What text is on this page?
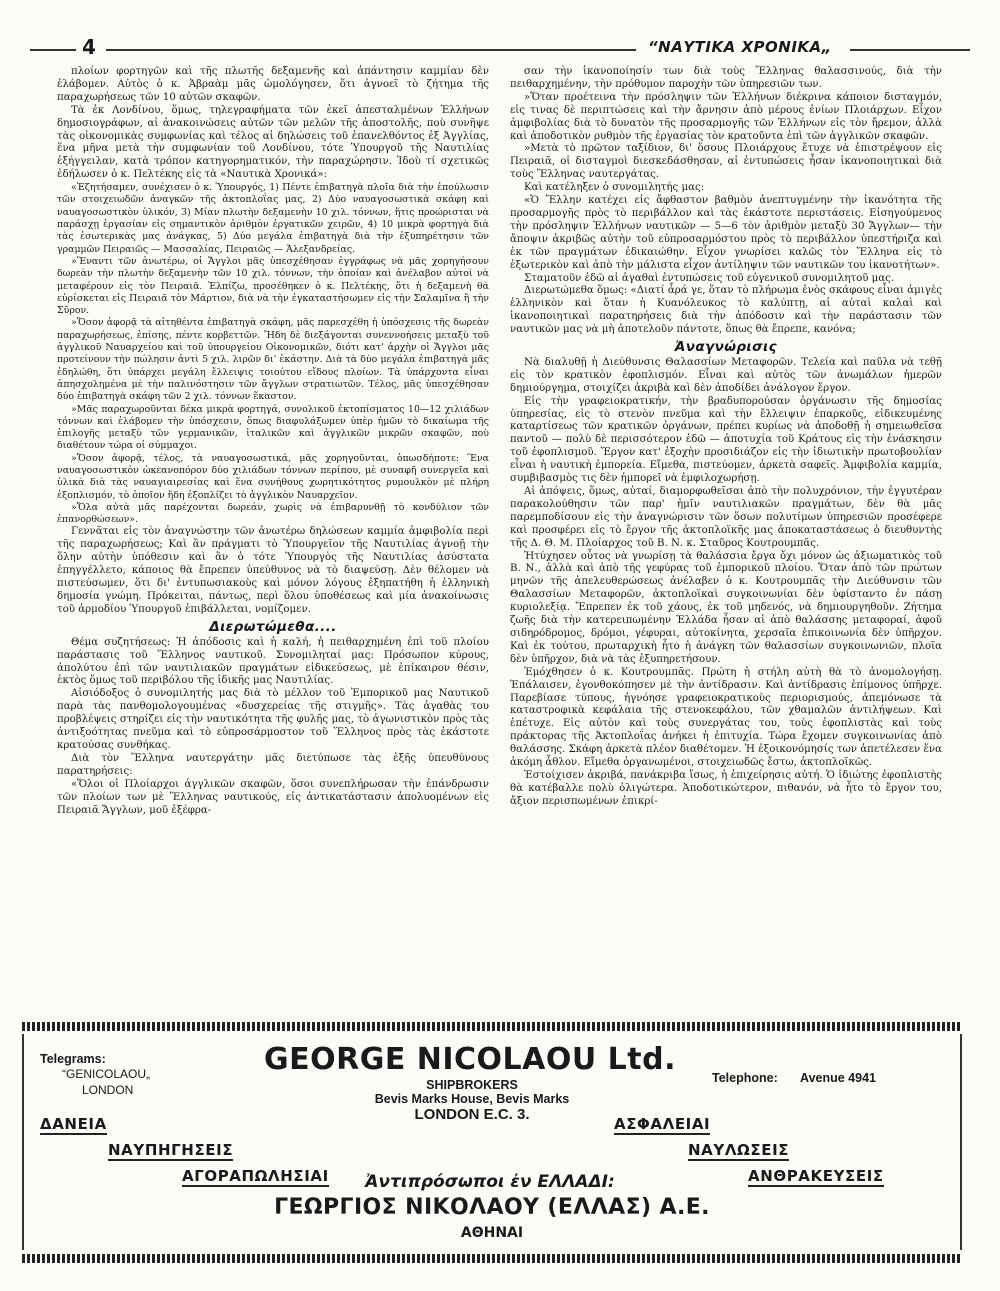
4	“ΝΑΥΤΙΚΑ ΧΡΟΝΙΚΑ„

πλοίων φορτηγῶν καὶ τῆς πλωτῆς δεξαμενῆς καὶ ἀπάντησιν καμμίαν δὲν ἐλάβομεν. Αὐτὸς ὁ κ. Ἀβραὰμ μᾶς ὡμολόγησεν, ὅτι ἀγνοεῖ τὸ ζήτημα τῆς παραχωρήσεως τῶν 10 αὐτῶν σκαφῶν.

Τὰ ἐκ Λονδίνου, ὅμως, τηλεγραφήματα τῶν ἐκεῖ ἀπεσταλμένων Ἑλλήνων δημοσιογράφων, αἱ ἀνακοινώσεις αὐτῶν τῶν μελῶν τῆς ἀποστολῆς, ποὺ συνῆψε τὰς οἰκονομικὰς συμφωνίας καὶ τέλος αἱ δηλώσεις τοῦ ἐπανελθόντος ἐξ Ἀγγλίας, ἕνα μῆνα μετὰ τὴν συμφωνίαν τοῦ Λονδίνου, τότε Ὑπουργοῦ τῆς Ναυτιλίας ἐξήγγειλαν, κατὰ τρόπον κατηγορηματικόν, τὴν παραχώρησιν. Ἰδοὺ τί σχετικῶς ἐδήλωσεν ὁ κ. Πελτέκης εἰς τὰ «Ναυτικὰ Χρονικά»:

«Ἐζητήσαμεν, συνέχισεν ὁ κ. Ὑπουργός, 1) Πέντε ἐπιβατηγὰ πλοῖα διὰ τὴν ἐπούλωσιν τῶν στοιχειωδῶν ἀναγκῶν τῆς ἀκτοπλοΐας μας, 2) Δύο ναυαγοσωστικὰ σκάφη καὶ ναυαγοσωστικὸν ὑλικόν, 3) Μίαν πλωτὴν δεξαμενὴν 10 χιλ. τόννων, ἥτις προώρισται νὰ παράσχῃ ἐργασίαν εἰς σημαντικὸν ἀριθμὸν ἐργατικῶν χειρῶν, 4) 10 μικρὰ φορτηγὰ διὰ τὰς ἐσωτερικὰς μας ἀνάγκας, 5) Δύο μεγάλα ἐπιβατηγὰ διὰ τὴν ἐξυπηρέτησιν τῶν γραμμῶν Πειραιῶς — Μασσαλίας, Πειραιῶς — Ἀλεξανδρείας.

»Ἔναντι τῶν ἀνωτέρω, οἱ Ἄγγλοι μᾶς ὑπεσχέθησαν ἐγγράφως νὰ μᾶς χορηγήσουν δωρεὰν τὴν πλωτὴν δεξαμενὴν τῶν 10 χιλ. τόννων, τὴν ὁποίαν καὶ ἀνέλαβον αὐτοὶ νὰ μεταφέρουν εἰς τὸν Πειραιᾶ. Ἐλπίζω, προσέθηκεν ὁ κ. Πελτέκης, ὅτι ἡ δεξαμενὴ θὰ εὑρίσκεται εἰς Πειραιᾶ τὸν Μάρτιον, διὰ νὰ τὴν ἐγκαταστήσωμεν εἰς τὴν Σαλαμῖνα ἢ τὴν Σῦρον.

»Ὅσον ἀφορᾷ τὰ αἰτηθέντα ἐπιβατηγὰ σκάφη, μᾶς παρεσχέθη ἡ ὑπόσχεσις τῆς δωρεὰν παραχωρήσεως, ἐπίσης, πέντε κορβεττῶν. Ἤδη δὲ διεξάγονται συνεννοήσεις μεταξὺ τοῦ ἀγγλικοῦ Ναυαρχείου καὶ τοῦ ὑπουργείου Οἰκονομικῶν, διότι κατ' ἀρχὴν οἱ Ἄγγλοι μᾶς προτείνουν τὴν πώλησιν ἀντὶ 5 χιλ. λιρῶν δι' ἑκάστην. Διὰ τὰ δύο μεγάλα ἐπιβατηγὰ μᾶς ἐδηλώθη, ὅτι ὑπάρχει μεγάλη ἔλλειψις τοιούτου εἴδους πλοίων. Τὰ ὑπάρχοντα εἶναι ἀπησχολημένα μὲ τὴν παλινόστησιν τῶν ἄγγλων στρατιωτῶν. Τέλος, μᾶς ὑπεσχέθησαν δύο ἐπιβατηγὰ σκάφη τῶν 2 χιλ. τόννων ἕκαστον.

»Μᾶς παραχωροῦνται δέκα μικρὰ φορτηγά, συνολικοῦ ἐκτοπίσματος 10—12 χιλιάδων τόννων καὶ ἐλάβομεν τὴν ὑπόσχεσιν, ὅπως διαφυλάξωμεν ὑπὲρ ἡμῶν τὸ δικαίωμα τῆς ἐπιλογῆς μεταξὺ τῶν γερμανικῶν, ἰταλικῶν καὶ ἀγγλικῶν μικρῶν σκαφῶν, ποὺ διαθέτουν τώρα οἱ σύμμαχοι.

»Ὅσον ἀφορᾷ, τέλος, τὰ ναυαγοσωστικά, μᾶς χορηγοῦνται, ὁπωσδήποτε: Ἕνα ναυαγοσωστικὸν ὠκεανοπόρον δύο χιλιάδων τόννων περίπου, μὲ συναφῆ συνεργεῖα καὶ ὑλικὰ διὰ τὰς ναυαγιαιρεσίας καὶ ἕνα συνήθους χωρητικότητος ρυμουλκὸν μὲ πλήρη ἐξοπλισμόν, τὸ ὁποῖον ἤδη ἐξοπλίζει τὸ ἀγγλικὸν Ναυαρχεῖον.

»Ὅλα αὐτὰ μᾶς παρέχονται δωρεάν, χωρὶς νὰ ἐπιβαρυνθῇ τὸ κονδύλιον τῶν ἐπανορθώσεων».

Γεννᾶται εἰς τὸν ἀναγνώστην τῶν ἀνωτέρω δηλώσεων καμμία ἀμφιβολία περὶ τῆς παραχωρήσεως; Καὶ ἂν πράγματι τὸ Ὑπουργεῖον τῆς Ναυτιλίας ἀγνοῇ τὴν ὅλην αὐτὴν ὑπόθεσιν καὶ ἂν ὁ τότε Ὑπουργὸς τῆς Ναυτιλίας ἀσύστατα ἐπηγγέλλετο, κάποιος θὰ ἔπρεπεν ὑπεύθυνος νὰ τὸ διαψεύσῃ. Δὲν θέλομεν νὰ πιστεύσωμεν, ὅτι δι' ἐντυπωσιακοὺς καὶ μόνον λόγους ἐξηπατήθη ἡ ἑλληνικὴ δημοσία γνώμη. Πρόκειται, πάντως, περὶ ὅλου ὑποθέσεως καὶ μία ἀνακοίνωσις τοῦ ἁρμοδίου Ὑπουργοῦ ἐπιβάλλεται, νομίζομεν.

Διερωτώμεθα....

Θέμα συζητήσεως: Ἡ ἀπόδοσις καὶ ἡ καλή, ἡ πειθαρχημένη ἐπὶ τοῦ πλοίου παράστασις τοῦ Ἕλληνος ναυτικοῦ. Συνομιληταί μας: Πρόσωπον κύρους, ἀπολύτου ἐπὶ τῶν ναυτιλιακῶν πραγμάτων εἰδικεύσεως, μὲ ἐπίκαιρον θέσιν, ἐκτὸς ὅμως τοῦ περιβόλου τῆς ἰδικῆς μας Ναυτιλίας.

Αἰσιόδοξος ὁ συνομιλητής μας διὰ τὸ μέλλον τοῦ Ἐμπορικοῦ μας Ναυτικοῦ παρὰ τὰς πανθομολογουμένας «δυσχερείας τῆς στιγμῆς». Τὰς ἀγαθὰς του προβλέψεις στηρίζει εἰς τὴν ναυτικότητα τῆς φυλῆς μας, τὸ ἀγωνιστικὸν πρὸς τὰς ἀντιξοότητας πνεῦμα καὶ τὸ εὐπροσάρμοστον τοῦ Ἕλληνος πρὸς τὰς ἑκάστοτε κρατούσας συνθήκας.

Διὰ τὸν Ἕλληνα ναυτεργάτην μᾶς διετύπωσε τὰς ἑξῆς ὑπευθύνους παρατηρήσεις:

«Ὅλοι οἱ Πλοίαρχοι ἀγγλικῶν σκαφῶν, ὅσοι συνεπλήρωσαν τὴν ἐπάνδρωσιν τῶν πλοίων των μὲ Ἕλληνας ναυτικούς, εἰς ἀντικατάστασιν ἀπολυομένων εἰς Πειραιᾶ Ἄγγλων, μοῦ ἐξέφρα-

σαν τὴν ἱκανοποίησίν των διὰ τοὺς Ἕλληνας θαλασσινούς, διὰ τὴν πειθαρχημένην, τὴν πρόθυμον παροχὴν τῶν ὑπηρεσιῶν των.

»Ὅταν προέτεινα τὴν πρόσληψιν τῶν Ἑλλήνων διέκρινα κάποιον δισταγμόν, εἰς τινας δὲ περιπτώσεις καὶ τὴν ἄρνησιν ἀπὸ μέρους ἐνίων Πλοιάρχων. Εἶχον ἀμφιβολίας διὰ τὸ δυνατὸν τῆς προσαρμογῆς τῶν Ἑλλήνων εἰς τὸν ἤρεμον, ἀλλὰ καὶ ἀποδοτικὸν ρυθμὸν τῆς ἐργασίας τὸν κρατοῦντα ἐπὶ τῶν ἀγγλικῶν σκαφῶν.

»Μετὰ τὸ πρῶτον ταξίδιον, δι' ὅσους Πλοιάρχους ἔτυχε νὰ ἐπιστρέψουν εἰς Πειραιᾶ, οἱ δισταγμοὶ διεσκεδάσθησαν, αἱ ἐντυπώσεις ἦσαν ἱκανοποιητικαὶ διὰ τοὺς Ἕλληνας ναυτεργάτας.

Καὶ κατέληξεν ὁ συνομιλητής μας:

«Ὁ Ἕλλην κατέχει εἰς ἄφθαστον βαθμὸν ἀνεπτυγμένην τὴν ἱκανότητα τῆς προσαρμογῆς πρὸς τὸ περιβάλλον καὶ τὰς ἑκάστοτε περιστάσεις. Εἰσηγούμενος τὴν πρόσληψιν Ἑλλήνων ναυτικῶν — 5—6 τὸν ἀριθμὸν μεταξὺ 30 Ἄγγλων— τὴν ἄποψιν ἀκριβῶς αὐτὴν τοῦ εὐπροσαρμόστου πρὸς τὸ περιβάλλον ὑπεστήριζα καὶ ἐκ τῶν πραγμάτων ἐδικαιώθην. Εἶχον γνωρίσει καλῶς τὸν Ἕλληνα εἰς τὸ ἐξωτερικὸν καὶ ἀπὸ τὴν μάλιστα εἶχον ἀντίληψιν τῶν ναυτικῶν του ἱκανοτήτων».

Σταματοῦν ἐδῶ αἱ ἀγαθαὶ ἐντυπώσεις τοῦ εὐγενικοῦ συνομιλητοῦ μας.

Διερωτώμεθα ὅμως: «Διατί ἆρά γε, ὅταν τὸ πλήρωμα ἑνὸς σκάφους εἶναι ἀμιγὲς ἑλληνικὸν καὶ ὅταν ἡ Κυανόλευκος τὸ καλύπτῃ, αἱ αὐταὶ καλαὶ καὶ ἱκανοποιητικαὶ παρατηρήσεις διὰ τὴν ἀπόδοσιν καὶ τὴν παράστασιν τῶν ναυτικῶν μας νὰ μὴ ἀποτελοῦν πάντοτε, ὅπως θὰ ἔπρεπε, κανόνα;

Ἀναγνώρισις

Νὰ διαλυθῇ ἡ Διεύθυνσις Θαλασσίων Μεταφορῶν. Τελεία καὶ παῦλα νὰ τεθῇ εἰς τὸν κρατικὸν ἐφοπλισμόν. Εἶναι καὶ αὐτὸς τῶν ἀνωμάλων ἡμερῶν δημιούργημα, στοιχίζει ἀκριβὰ καὶ δὲν ἀποδίδει ἀνάλογον ἔργον.

Εἰς τὴν γραφειοκρατικήν, τὴν βραδυπορούσαν ὀργάνωσιν τῆς δημοσίας ὑπηρεσίας, εἰς τὸ στενὸν πνεῦμα καὶ τὴν ἔλλειψιν ἐπαρκοῦς, εἰδικευμένης καταρτίσεως τῶν κρατικῶν ὀργάνων, πρέπει κυρίως νὰ ἀποδοθῇ ἡ σημειωθεῖσα παντοῦ — πολὺ δὲ περισσότερον ἐδῶ — ἀποτυχία τοῦ Κράτους εἰς τὴν ἐνάσκησιν τοῦ ἐφοπλισμοῦ. Ἔργον κατ' ἐξοχὴν προσιδιάζον εἰς τὴν ἰδιωτικὴν πρωτοβουλίαν εἶναι ἡ ναυτικὴ ἐμπορεία. Εἴμεθα, πιστεύομεν, ἀρκετὰ σαφεῖς. Ἀμφιβολία καμμία, συμβιβασμὸς τις δὲν ἠμπορεῖ νὰ ἐμφιλοχωρήσῃ.

Αἱ ἀπόψεις, ὅμως, αὐταί, διαμορφωθεῖσαι ἀπὸ τὴν πολυχρόνιον, τὴν ἐγγυτέραν παρακολούθησιν τῶν παρ' ἡμῖν ναυτιλιακῶν πραγμάτων, δὲν θὰ μᾶς παρεμποδίσουν εἰς τὴν ἀναγνώρισιν τῶν ὅσων πολυτίμων ὑπηρεσιῶν προσέφερε καὶ προσφέρει εἰς τὸ ἔργον τῆς ἀκτοπλοϊκῆς μας ἀποκαταστάσεως ὁ διευθυντὴς τῆς Δ. Θ. Μ. Πλοίαρχος τοῦ Β. Ν. κ. Σταῦρος Κουτρουμπᾶς.

Ἠτύχησεν οὗτος νὰ γνωρίσῃ τὰ θαλάσσια ἔργα ὄχι μόνον ὡς ἀξιωματικὸς τοῦ Β. Ν., ἀλλὰ καὶ ἀπὸ τῆς γεφύρας τοῦ ἐμπορικοῦ πλοίου. Ὅταν ἀπὸ τῶν πρώτων μηνῶν τῆς ἀπελευθερώσεως ἀνέλαβεν ὁ κ. Κουτρουμπᾶς τὴν Διεύθυνσιν τῶν Θαλασσίων Μεταφορῶν, ἀκτοπλοϊκαὶ συγκοινωνίαι δὲν ὑφίσταντο ἐν πάσῃ κυριολεξίᾳ. Ἔπρεπεν ἐκ τοῦ χάους, ἐκ τοῦ μηδενός, νὰ δημιουργηθοῦν. Ζήτημα ζωῆς διὰ τὴν κατερειπωμένην Ἑλλάδα ἦσαν αἱ ἀπὸ θαλάσσης μεταφοραί, ἀφοῦ σιδηρόδρομος, δρόμοι, γέφυραι, αὐτοκίνητα, χερσαῖα ἐπικοινωνία δὲν ὑπῆρχον. Καὶ ἐκ τούτου, πρωταρχικὴ ἦτο ἡ ἀνάγκη τῶν θαλασσίων συγκοινωνιῶν, πλοῖα δὲν ὑπῆρχον, διὰ νὰ τὰς ἐξυπηρετήσουν.

Ἐμόχθησεν ὁ κ. Κουτρουμπᾶς. Πρώτη ἡ στήλη αὐτὴ θὰ τὸ ἀνομολογήσῃ. Ἐπάλαισεν, ἐγονθοκόπησεν μὲ τὴν ἀντίδρασιν. Καὶ ἀντίδρασις ἐπίμονος ὑπῆρχε. Παρεβίασε τύπους, ἠγνόησε γραφειοκρατικοὺς περιορισμούς, ἀπεμόνωσε τὰ καταστροφικὰ κεφάλαια τῆς στενοκεφάλου, τῶν χθαμαλῶν ἀντιλήψεων. Καὶ ἐπέτυχε. Εἰς αὐτὸν καὶ τοὺς συνεργάτας του, τοὺς ἐφοπλιστὰς καὶ τοὺς πράκτορας τῆς Ἀκτοπλοΐας ἀνήκει ἡ ἐπιτυχία. Τώρα ἔχομεν συγκοινωνίας ἀπὸ θαλάσσης. Σκάφη ἀρκετὰ πλέον διαθέτομεν. Ἡ ἐξοικονόμησίς των ἀπετέλεσεν ἕνα ἀκόμη ἆθλον. Εἴμεθα ὀργανωμένοι, στοιχειωδῶς ἔστω, ἀκτοπλοϊκῶς.

Ἐστοίχισεν ἀκριβά, πανάκριβα ἴσως, ἡ ἐπιχείρησις αὐτή. Ὁ ἰδιώτης ἐφοπλιστὴς θὰ κατέβαλλε πολὺ ὀλιγώτερα. Ἀποδοτικώτερον, πιθανόν, νὰ ἦτο τὸ ἔργον του, ἄξιον περισπωμένων ἐπικρί-

Telegrams:
“GENICOLAOU„
LONDON
GEORGE NICOLAOU Ltd.
SHIPBROKERS
Bevis Marks House, Bevis Marks
LONDON E.C. 3.
Telephone: Avenue 4941
ΔΑΝΕΙΑ
ΝΑΥΠΗΓΗΣΕΙΣ
ΑΓΟΡΑΠΩΛΗΣΙΑΙ
ΑΣΦΑΛΕΙΑΙ
ΝΑΥΛΩΣΕΙΣ
ΑΝΘΡΑΚΕΥΣΕΙΣ
Ἀντιπρόσωποι ἐν ΕΛΛΑΔΙ:
ΓΕΩΡΓΙΟΣ ΝΙΚΟΛΑΟΥ (ΕΛΛΑΣ) Α.Ε.
ΑΘΗΝΑΙ
